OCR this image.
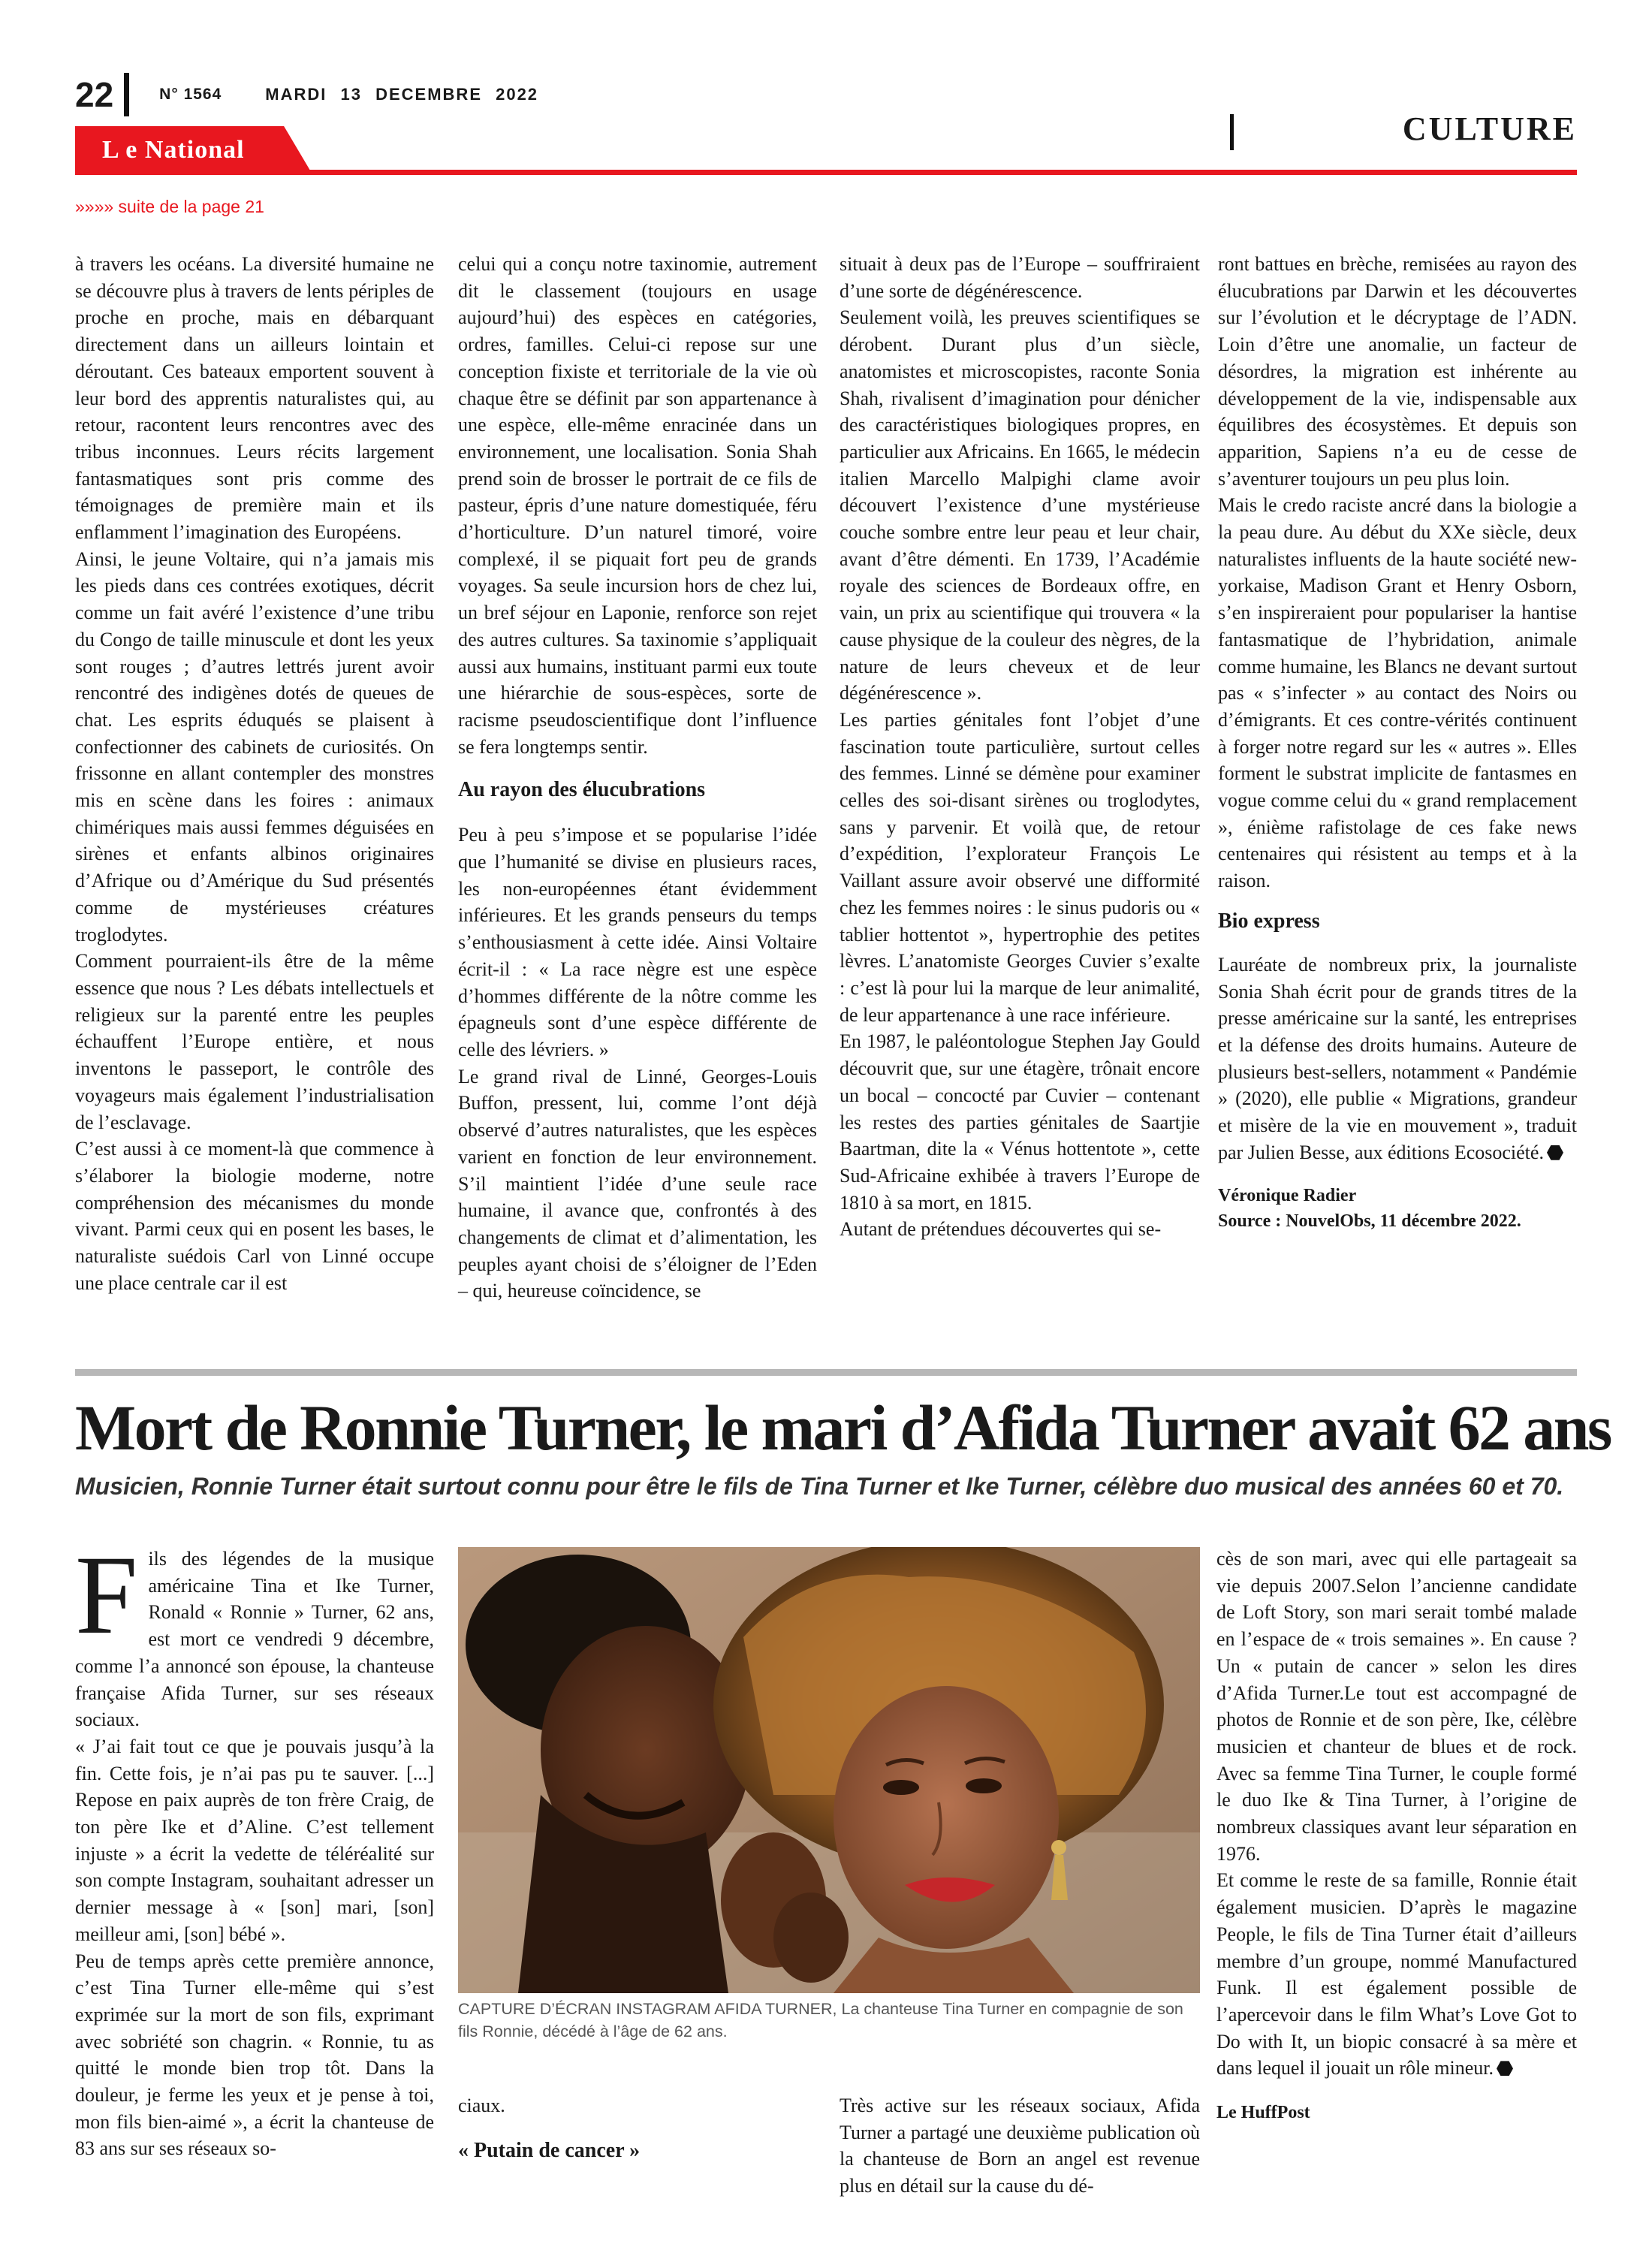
22	N° 1564	MARDI 13 DECEMBRE 2022
L e National
CULTURE
»»»» suite de la page 21

à travers les océans. La diversité humaine ne se découvre plus à travers de lents périples de proche en proche, mais en débarquant directement dans un ailleurs lointain et déroutant. Ces bateaux emportent souvent à leur bord des apprentis naturalistes qui, au retour, racontent leurs rencontres avec des tribus inconnues. Leurs récits largement fantasmatiques sont pris comme des témoignages de première main et ils enflamment l’imagination des Européens.

Ainsi, le jeune Voltaire, qui n’a jamais mis les pieds dans ces contrées exotiques, décrit comme un fait avéré l’existence d’une tribu du Congo de taille minuscule et dont les yeux sont rouges ; d’autres lettrés jurent avoir rencontré des indigènes dotés de queues de chat. Les esprits éduqués se plaisent à confectionner des cabinets de curiosités. On frissonne en allant contempler des monstres mis en scène dans les foires : animaux chimériques mais aussi femmes déguisées en sirènes et enfants albinos originaires d’Afrique ou d’Amérique du Sud présentés comme de mystérieuses créatures troglodytes.

Comment pourraient-ils être de la même essence que nous ? Les débats intellectuels et religieux sur la parenté entre les peuples échauffent l’Europe entière, et nous inventons le passeport, le contrôle des voyageurs mais également l’industrialisation de l’esclavage.

C’est aussi à ce moment-là que commence à s’élaborer la biologie moderne, notre compréhension des mécanismes du monde vivant. Parmi ceux qui en posent les bases, le naturaliste suédois Carl von Linné occupe une place centrale car il est

celui qui a conçu notre taxinomie, autrement dit le classement (toujours en usage aujourd’hui) des espèces en catégories, ordres, familles. Celui-ci repose sur une conception fixiste et territoriale de la vie où chaque être se définit par son appartenance à une espèce, elle-même enracinée dans un environnement, une localisation. Sonia Shah prend soin de brosser le portrait de ce fils de pasteur, épris d’une nature domestiquée, féru d’horticulture. D’un naturel timoré, voire complexé, il se piquait fort peu de grands voyages. Sa seule incursion hors de chez lui, un bref séjour en Laponie, renforce son rejet des autres cultures. Sa taxinomie s’appliquait aussi aux humains, instituant parmi eux toute une hiérarchie de sous-espèces, sorte de racisme pseudoscientifique dont l’influence se fera longtemps sentir.

Au rayon des élucubrations

Peu à peu s’impose et se popularise l’idée que l’humanité se divise en plusieurs races, les non-européennes étant évidemment inférieures. Et les grands penseurs du temps s’enthousiasment à cette idée. Ainsi Voltaire écrit-il : « La race nègre est une espèce d’hommes différente de la nôtre comme les épagneuls sont d’une espèce différente de celle des lévriers. »

Le grand rival de Linné, Georges-Louis Buffon, pressent, lui, comme l’ont déjà observé d’autres naturalistes, que les espèces varient en fonction de leur environnement. S’il maintient l’idée d’une seule race humaine, il avance que, confrontés à des changements de climat et d’alimentation, les peuples ayant choisi de s’éloigner de l’Eden – qui, heureuse coïncidence, se

situait à deux pas de l’Europe – souffriraient d’une sorte de dégénérescence.

Seulement voilà, les preuves scientifiques se dérobent. Durant plus d’un siècle, anatomistes et microscopistes, raconte Sonia Shah, rivalisent d’imagination pour dénicher des caractéristiques biologiques propres, en particulier aux Africains. En 1665, le médecin italien Marcello Malpighi clame avoir découvert l’existence d’une mystérieuse couche sombre entre leur peau et leur chair, avant d’être démenti. En 1739, l’Académie royale des sciences de Bordeaux offre, en vain, un prix au scientifique qui trouvera « la cause physique de la couleur des nègres, de la nature de leurs cheveux et de leur dégénérescence ».

Les parties génitales font l’objet d’une fascination toute particulière, surtout celles des femmes. Linné se démène pour examiner celles des soi-disant sirènes ou troglodytes, sans y parvenir. Et voilà que, de retour d’expédition, l’explorateur François Le Vaillant assure avoir observé une difformité chez les femmes noires : le sinus pudoris ou « tablier hottentot », hypertrophie des petites lèvres. L’anatomiste Georges Cuvier s’exalte : c’est là pour lui la marque de leur animalité, de leur appartenance à une race inférieure.

En 1987, le paléontologue Stephen Jay Gould découvrit que, sur une étagère, trônait encore un bocal – concocté par Cuvier – contenant les restes des parties génitales de Saartjie Baartman, dite la « Vénus hottentote », cette Sud-Africaine exhibée à travers l’Europe de 1810 à sa mort, en 1815.

Autant de prétendues découvertes qui se-

ront battues en brèche, remisées au rayon des élucubrations par Darwin et les découvertes sur l’évolution et le décryptage de l’ADN. Loin d’être une anomalie, un facteur de désordres, la migration est inhérente au développement de la vie, indispensable aux équilibres des écosystèmes. Et depuis son apparition, Sapiens n’a eu de cesse de s’aventurer toujours un peu plus loin.

Mais le credo raciste ancré dans la biologie a la peau dure. Au début du XXe siècle, deux naturalistes influents de la haute société new-yorkaise, Madison Grant et Henry Osborn, s’en inspireraient pour populariser la hantise fantasmatique de l’hybridation, animale comme humaine, les Blancs ne devant surtout pas « s’infecter » au contact des Noirs ou d’émigrants. Et ces contre-vérités continuent à forger notre regard sur les « autres ». Elles forment le substrat implicite de fantasmes en vogue comme celui du « grand remplacement », énième rafistolage de ces fake news centenaires qui résistent au temps et à la raison.

Bio express

Lauréate de nombreux prix, la journaliste Sonia Shah écrit pour de grands titres de la presse américaine sur la santé, les entreprises et la défense des droits humains. Auteure de plusieurs best-sellers, notamment « Pandémie » (2020), elle publie « Migrations, grandeur et misère de la vie en mouvement », traduit par Julien Besse, aux éditions Ecosociété.

Véronique Radier

Source : NouvelObs, 11 décembre 2022.

Mort de Ronnie Turner, le mari d’Afida Turner avait 62 ans

Musicien, Ronnie Turner était surtout connu pour être le fils de Tina Turner et Ike Turner, célèbre duo musical des années 60 et 70.

Fils des légendes de la musique américaine Tina et Ike Turner, Ronald « Ronnie » Turner, 62 ans, est mort ce vendredi 9 décembre, comme l’a annoncé son épouse, la chanteuse française Afida Turner, sur ses réseaux sociaux.

« J’ai fait tout ce que je pouvais jusqu’à la fin. Cette fois, je n’ai pas pu te sauver. [...] Repose en paix auprès de ton frère Craig, de ton père Ike et d’Aline. C’est tellement injuste » a écrit la vedette de téléréalité sur son compte Instagram, souhaitant adresser un dernier message à « [son] mari, [son] meilleur ami, [son] bébé ».

Peu de temps après cette première annonce, c’est Tina Turner elle-même qui s’est exprimée sur la mort de son fils, exprimant avec sobriété son chagrin. « Ronnie, tu as quitté le monde bien trop tôt. Dans la douleur, je ferme les yeux et je pense à toi, mon fils bien-aimé », a écrit la chanteuse de 83 ans sur ses réseaux so-

CAPTURE D’ÉCRAN INSTAGRAM AFIDA TURNER, La chanteuse Tina Turner en compagnie de son fils Ronnie, décédé à l’âge de 62 ans.

ciaux.

« Putain de cancer »

Très active sur les réseaux sociaux, Afida Turner a partagé une deuxième publication où la chanteuse de Born an angel est revenue plus en détail sur la cause du dé-

cès de son mari, avec qui elle partageait sa vie depuis 2007.Selon l’ancienne candidate de Loft Story, son mari serait tombé malade en l’espace de « trois semaines ». En cause ? Un « putain de cancer » selon les dires d’Afida Turner.Le tout est accompagné de photos de Ronnie et de son père, Ike, célèbre musicien et chanteur de blues et de rock. Avec sa femme Tina Turner, le couple formé le duo Ike & Tina Turner, à l’origine de nombreux classiques avant leur séparation en 1976.

Et comme le reste de sa famille, Ronnie était également musicien. D’après le magazine People, le fils de Tina Turner était d’ailleurs membre d’un groupe, nommé Manufactured Funk. Il est également possible de l’apercevoir dans le film What’s Love Got to Do with It, un biopic consacré à sa mère et dans lequel il jouait un rôle mineur.

Le HuffPost
